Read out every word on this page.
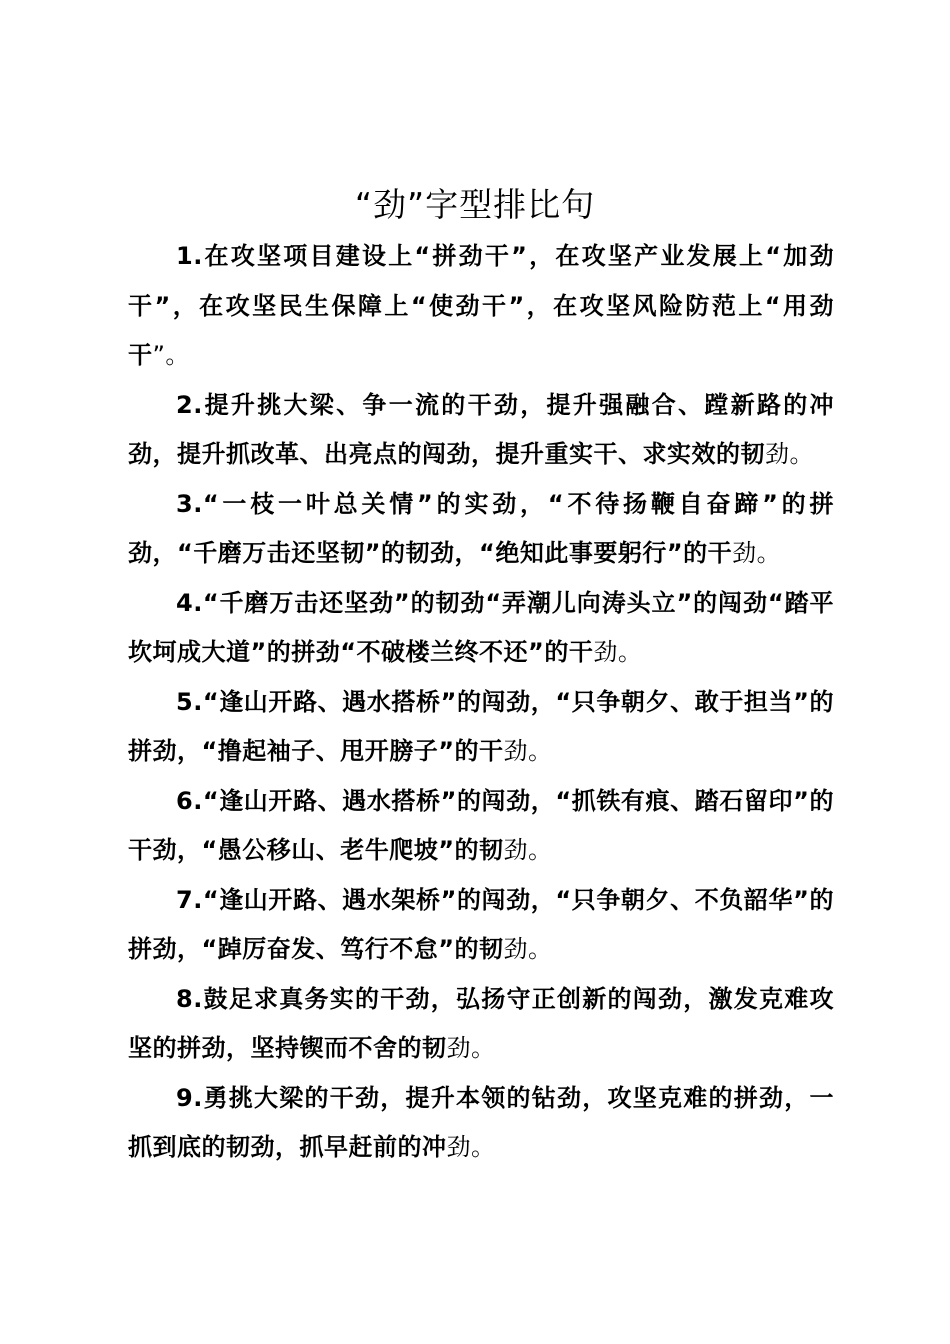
“劲”字型排比句

1.在攻坚项目建设上“拼劲干”，在攻坚产业发展上“加劲干”，在攻坚民生保障上“使劲干”，在攻坚风险防范上“用劲干”。

2.提升挑大梁、争一流的干劲，提升强融合、蹚新路的冲劲，提升抓改革、出亮点的闯劲，提升重实干、求实效的韧劲。

3.“一枝一叶总关情”的实劲，“不待扬鞭自奋蹄”的拼劲，“千磨万击还坚韧”的韧劲，“绝知此事要躬行”的干劲。

4.“千磨万击还坚劲”的韧劲“弄潮儿向涛头立”的闯劲“踏平坎坷成大道”的拼劲“不破楼兰终不还”的干劲。

5.“逢山开路、遇水搭桥”的闯劲，“只争朝夕、敢于担当”的拼劲，“撸起袖子、甩开膀子”的干劲。

6.“逢山开路、遇水搭桥”的闯劲，“抓铁有痕、踏石留印”的干劲，“愚公移山、老牛爬坡”的韧劲。

7.“逢山开路、遇水架桥”的闯劲，“只争朝夕、不负韶华”的拼劲，“踔厉奋发、笃行不怠”的韧劲。

8.鼓足求真务实的干劲，弘扬守正创新的闯劲，激发克难攻坚的拼劲，坚持锲而不舍的韧劲。

9.勇挑大梁的干劲，提升本领的钻劲，攻坚克难的拼劲，一抓到底的韧劲，抓早赶前的冲劲。
